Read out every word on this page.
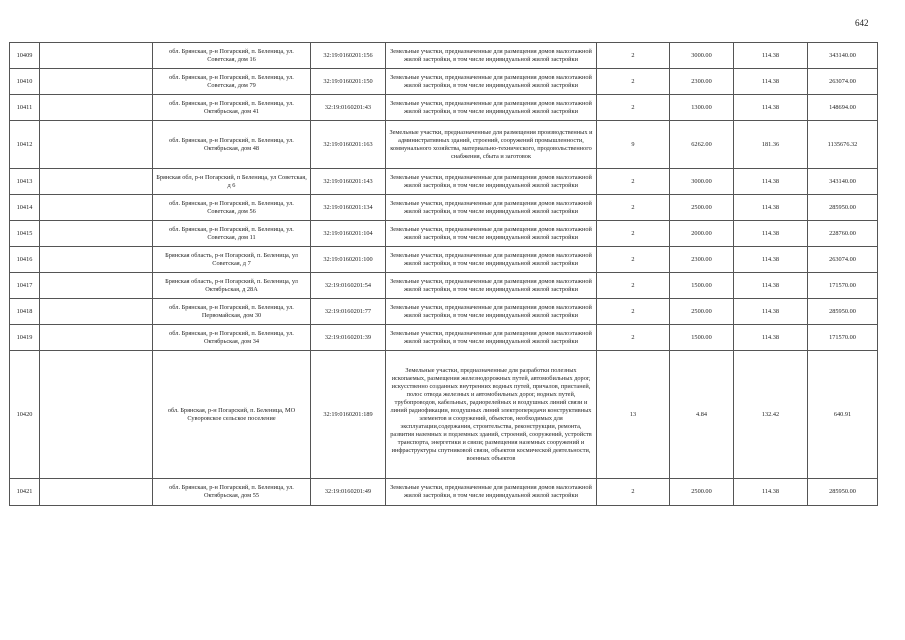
642
10409		обл. Брянская, р-н Погарский, п. Беленица, ул. Советская, дом 16	32:19:0160201:156	Земельные участки, предназначенные для размещения домов малоэтажной жилой застройки, в том числе индивидуальной жилой застройки	2	3000.00	114.38	343140.00
10410		обл. Брянская, р-н Погарский, п. Беленица, ул. Советская, дом 79	32:19:0160201:150	Земельные участки, предназначенные для размещения домов малоэтажной жилой застройки, в том числе индивидуальной жилой застройки	2	2300.00	114.38	263074.00
10411		обл. Брянская, р-н Погарский, п. Беленица, ул. Октябрьская, дом 41	32:19:0160201:43	Земельные участки, предназначенные для размещения домов малоэтажной жилой застройки, в том числе индивидуальной жилой застройки	2	1300.00	114.38	148694.00
10412		обл. Брянская, р-н Погарский, п. Беленица, ул. Октябрьская, дом 48	32:19:0160201:163	Земельные участки, предназначенные для размещения производственных и административных зданий, строений, сооружений промышленности, коммунального хозяйства, материально-технического, продовольственного снабжения, сбыта и заготовок	9	6262.00	181.36	1135676.32
10413		Брянская обл, р-н Погарский, п Беленица, ул Советская, д 6	32:19:0160201:143	Земельные участки, предназначенные для размещения домов малоэтажной жилой застройки, в том числе индивидуальной жилой застройки	2	3000.00	114.38	343140.00
10414		обл. Брянская, р-н Погарский, п. Беленица, ул. Советская, дом 56	32:19:0160201:134	Земельные участки, предназначенные для размещения домов малоэтажной жилой застройки, в том числе индивидуальной жилой застройки	2	2500.00	114.38	285950.00
10415		обл. Брянская, р-н Погарский, п. Беленица, ул. Советская, дом 11	32:19:0160201:104	Земельные участки, предназначенные для размещения домов малоэтажной жилой застройки, в том числе индивидуальной жилой застройки	2	2000.00	114.38	228760.00
10416		Брянская область, р-н Погарский, п. Беленица, ул Советская, д 7	32:19:0160201:100	Земельные участки, предназначенные для размещения домов малоэтажной жилой застройки, в том числе индивидуальной жилой застройки	2	2300.00	114.38	263074.00
10417		Брянская область, р-н Погарский, п. Беленица, ул Октябрьская, д 28А	32:19:0160201:54	Земельные участки, предназначенные для размещения домов малоэтажной жилой застройки, в том числе индивидуальной жилой застройки	2	1500.00	114.38	171570.00
10418		обл. Брянская, р-н Погарский, п. Беленица, ул. Первомайская, дом 30	32:19:0160201:77	Земельные участки, предназначенные для размещения домов малоэтажной жилой застройки, в том числе индивидуальной жилой застройки	2	2500.00	114.38	285950.00
10419		обл. Брянская, р-н Погарский, п. Беленица, ул. Октябрьская, дом 34	32:19:0160201:39	Земельные участки, предназначенные для размещения домов малоэтажной жилой застройки, в том числе индивидуальной жилой застройки	2	1500.00	114.38	171570.00
10420		обл. Брянская, р-н Погарский, п. Беленица, МО Суворовское сельское поселение	32:19:0160201:189	Земельные участки, предназначенные для разработки полезных ископаемых, размещения железнодорожных путей, автомобильных дорог, искусственно созданных внутренних водных путей, причалов, пристаней, полос отвода железных и автомобильных дорог, водных путей, трубопроводов, кабельных, радиорелейных и воздушных линий связи и линий радиофикации, воздушных линий электропередачи конструктивных элементов и сооружений, объектов, необходимых для эксплуатации,содержания, строительства, реконструкции, ремонта, развития наземных и подземных зданий, строений, сооружений, устройств транспорта, энергетики и связи; размещения наземных сооружений и инфраструктуры спутниковой связи, объектов космической деятельности, военных объектов	13	4.84	132.42	640.91
10421		обл. Брянская, р-н Погарский, п. Беленица, ул. Октябрьская, дом 55	32:19:0160201:49	Земельные участки, предназначенные для размещения домов малоэтажной жилой застройки, в том числе индивидуальной жилой застройки	2	2500.00	114.38	285950.00
